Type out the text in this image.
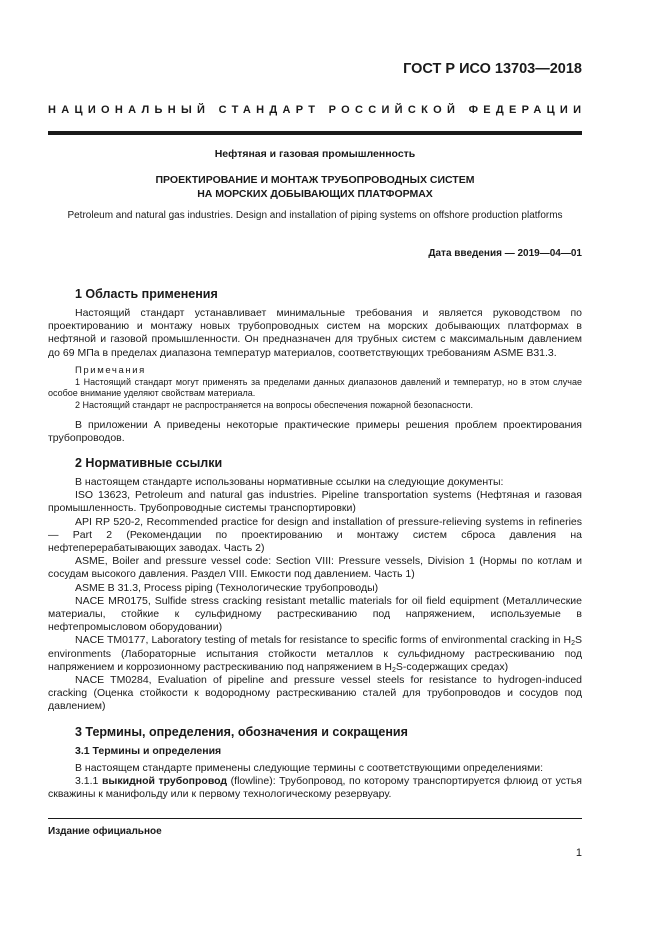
ГОСТ Р ИСО 13703—2018
НАЦИОНАЛЬНЫЙ СТАНДАРТ РОССИЙСКОЙ ФЕДЕРАЦИИ
Нефтяная и газовая промышленность
ПРОЕКТИРОВАНИЕ И МОНТАЖ ТРУБОПРОВОДНЫХ СИСТЕМ
НА МОРСКИХ ДОБЫВАЮЩИХ ПЛАТФОРМАХ
Petroleum and natural gas industries. Design and installation of piping systems on offshore production platforms
Дата введения — 2019—04—01
1 Область применения

Настоящий стандарт устанавливает минимальные требования и является руководством по проектированию и монтажу новых трубопроводных систем на морских добывающих платформах в нефтяной и газовой промышленности. Он предназначен для трубных систем с максимальным давлением до 69 МПа в пределах диапазона температур материалов, соответствующих требованиям ASME B31.3.

Примечания

1 Настоящий стандарт могут применять за пределами данных диапазонов давлений и температур, но в этом случае особое внимание уделяют свойствам материала.

2 Настоящий стандарт не распространяется на вопросы обеспечения пожарной безопасности.

В приложении А приведены некоторые практические примеры решения проблем проектирования трубопроводов.

2 Нормативные ссылки

В настоящем стандарте использованы нормативные ссылки на следующие документы:

ISO 13623, Petroleum and natural gas industries. Pipeline transportation systems (Нефтяная и газовая промышленность. Трубопроводные системы транспортировки)

API RP 520-2, Recommended practice for design and installation of pressure-relieving systems in refineries — Part 2 (Рекомендации по проектированию и монтажу систем сброса давления на нефтеперерабатывающих заводах. Часть 2)

ASME, Boiler and pressure vessel code: Section VIII: Pressure vessels, Division 1 (Нормы по котлам и сосудам высокого давления. Раздел VIII. Емкости под давлением. Часть 1)

ASME B 31.3, Process piping (Технологические трубопроводы)

NACE MR0175, Sulfide stress cracking resistant metallic materials for oil field equipment (Металлические материалы, стойкие к сульфидному растрескиванию под напряжением, используемые в нефтепромысловом оборудовании)

NACE TM0177, Laboratory testing of metals for resistance to specific forms of environmental cracking in $H_2S$ environments (Лабораторные испытания стойкости металлов к сульфидному растрескиванию под напряжением и коррозионному растрескиванию под напряжением в $H_2S$-содержащих средах)

NACE TM0284, Evaluation of pipeline and pressure vessel steels for resistance to hydrogen-induced cracking (Оценка стойкости к водородному растрескиванию сталей для трубопроводов и сосудов под давлением)

3 Термины, определения, обозначения и сокращения
3.1 Термины и определения

В настоящем стандарте применены следующие термины с соответствующими определениями:

3.1.1 выкидной трубопровод (flowline): Трубопровод, по которому транспортируется флюид от устья скважины к манифольду или к первому технологическому резервуару.

Издание официальное
1
